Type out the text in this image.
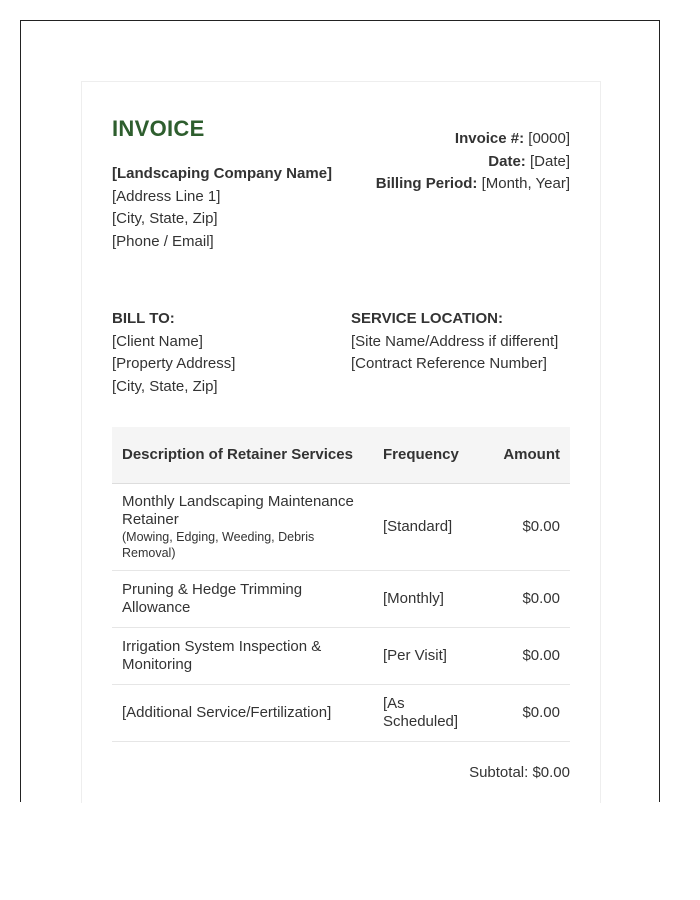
INVOICE
[Landscaping Company Name]
[Address Line 1]
[City, State, Zip]
[Phone / Email]
Invoice #: [0000]
Date: [Date]
Billing Period: [Month, Year]
BILL TO:
[Client Name]
[Property Address]
[City, State, Zip]
SERVICE LOCATION:
[Site Name/Address if different]
[Contract Reference Number]
Description of Retainer Services	Frequency	Amount
Monthly Landscaping Maintenance Retainer
(Mowing, Edging, Weeding, Debris Removal)	[Standard]	$0.00
Pruning & Hedge Trimming Allowance	[Monthly]	$0.00
Irrigation System Inspection & Monitoring	[Per Visit]	$0.00
[Additional Service/Fertilization]	[As Scheduled]	$0.00
Subtotal: $0.00
